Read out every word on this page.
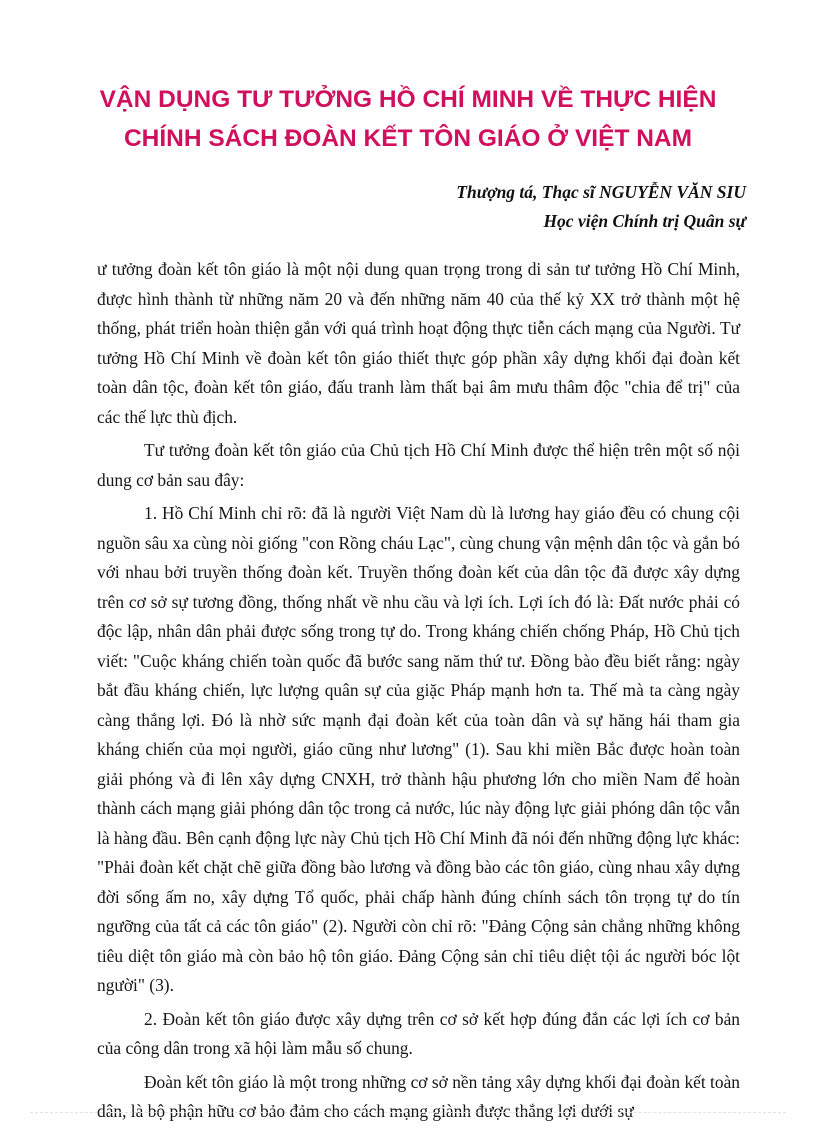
VẬN DỤNG TƯ TƯỞNG HỒ CHÍ MINH VỀ THỰC HIỆN
CHÍNH SÁCH ĐOÀN KẾT TÔN GIÁO Ở VIỆT NAM
Thượng tá, Thạc sĩ NGUYỄN VĂN SIU
Học viện Chính trị Quân sự

ư tưởng đoàn kết tôn giáo là một nội dung quan trọng trong di sản tư tưởng Hồ Chí Minh, được hình thành từ những năm 20 và đến những năm 40 của thế kỷ XX trở thành một hệ thống, phát triển hoàn thiện gắn với quá trình hoạt động thực tiễn cách mạng của Người. Tư tưởng Hồ Chí Minh về đoàn kết tôn giáo thiết thực góp phần xây dựng khối đại đoàn kết toàn dân tộc, đoàn kết tôn giáo, đấu tranh làm thất bại âm mưu thâm độc "chia để trị" của các thế lực thù địch.

Tư tưởng đoàn kết tôn giáo của Chủ tịch Hồ Chí Minh được thể hiện trên một số nội dung cơ bản sau đây:

1. Hồ Chí Minh chỉ rõ: đã là người Việt Nam dù là lương hay giáo đều có chung cội nguồn sâu xa cùng nòi giống "con Rồng cháu Lạc", cùng chung vận mệnh dân tộc và gắn bó với nhau bởi truyền thống đoàn kết. Truyền thống đoàn kết của dân tộc đã được xây dựng trên cơ sở sự tương đồng, thống nhất về nhu cầu và lợi ích. Lợi ích đó là: Đất nước phải có độc lập, nhân dân phải được sống trong tự do. Trong kháng chiến chống Pháp, Hồ Chủ tịch viết: "Cuộc kháng chiến toàn quốc đã bước sang năm thứ tư. Đồng bào đều biết rằng: ngày bắt đầu kháng chiến, lực lượng quân sự của giặc Pháp mạnh hơn ta. Thế mà ta càng ngày càng thắng lợi. Đó là nhờ sức mạnh đại đoàn kết của toàn dân và sự hăng hái tham gia kháng chiến của mọi người, giáo cũng như lương" (1). Sau khi miền Bắc được hoàn toàn giải phóng và đi lên xây dựng CNXH, trở thành hậu phương lớn cho miền Nam để hoàn thành cách mạng giải phóng dân tộc trong cả nước, lúc này động lực giải phóng dân tộc vẫn là hàng đầu. Bên cạnh động lực này Chủ tịch Hồ Chí Minh đã nói đến những động lực khác: "Phải đoàn kết chặt chẽ giữa đồng bào lương và đồng bào các tôn giáo, cùng nhau xây dựng đời sống ấm no, xây dựng Tổ quốc, phải chấp hành đúng chính sách tôn trọng tự do tín ngưỡng của tất cả các tôn giáo" (2). Người còn chỉ rõ: "Đảng Cộng sản chẳng những không tiêu diệt tôn giáo mà còn bảo hộ tôn giáo. Đảng Cộng sản chỉ tiêu diệt tội ác người bóc lột người" (3).

2. Đoàn kết tôn giáo được xây dựng trên cơ sở kết hợp đúng đắn các lợi ích cơ bản của công dân trong xã hội làm mẫu số chung.

Đoàn kết tôn giáo là một trong những cơ sở nền tảng xây dựng khối đại đoàn kết toàn dân, là bộ phận hữu cơ bảo đảm cho cách mạng giành được thắng lợi dưới sự
